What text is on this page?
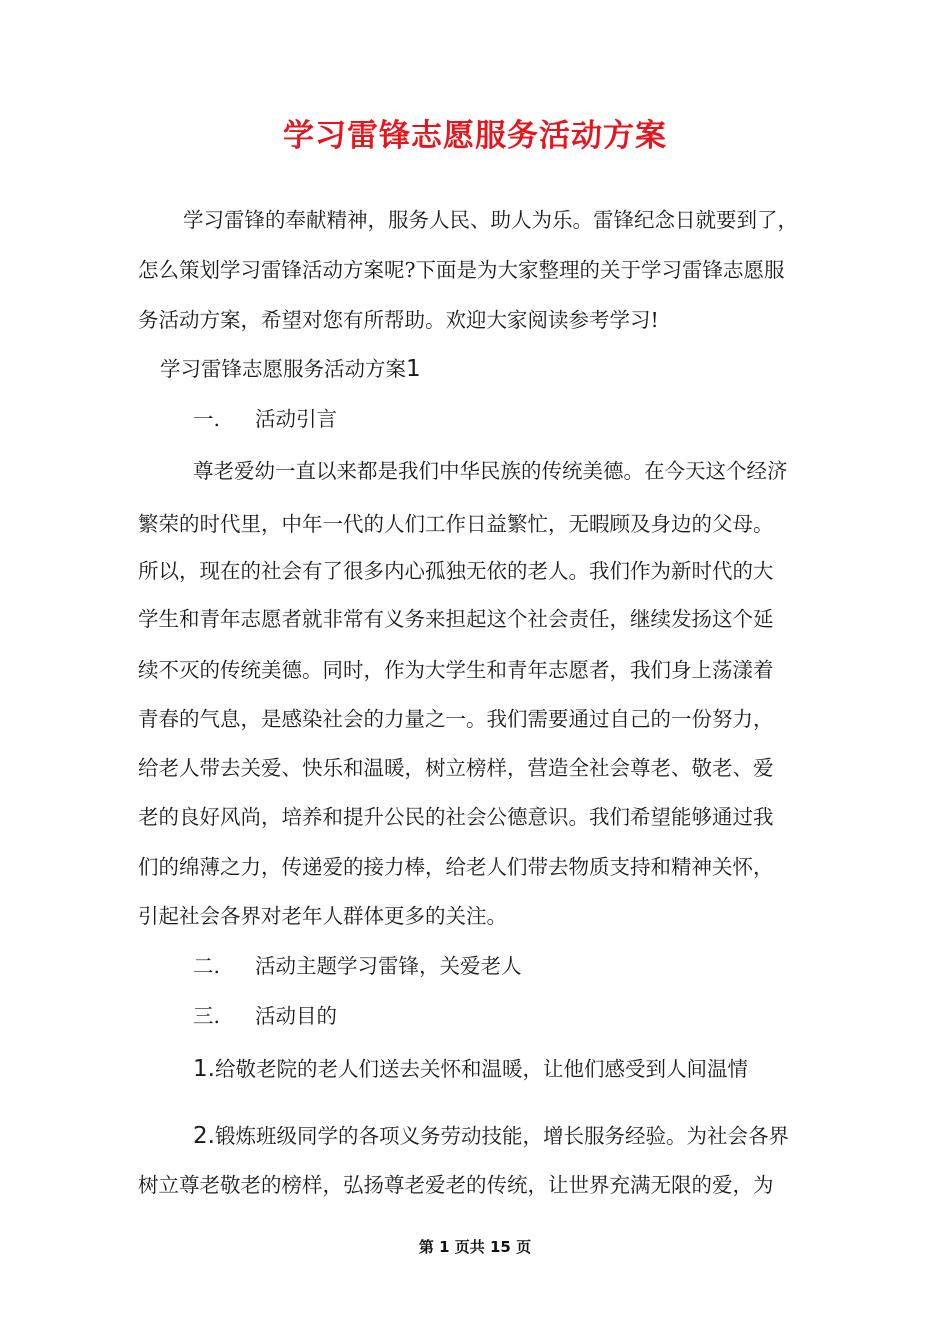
学习雷锋志愿服务活动方案

学习雷锋的奉献精神，服务人民、助人为乐。雷锋纪念日就要到了，

怎么策划学习雷锋活动方案呢?下面是为大家整理的关于学习雷锋志愿服

务活动方案，希望对您有所帮助。欢迎大家阅读参考学习!

学习雷锋志愿服务活动方案1

一. 活动引言

尊老爱幼一直以来都是我们中华民族的传统美德。在今天这个经济

繁荣的时代里，中年一代的人们工作日益繁忙，无暇顾及身边的父母。

所以，现在的社会有了很多内心孤独无依的老人。我们作为新时代的大

学生和青年志愿者就非常有义务来担起这个社会责任，继续发扬这个延

续不灭的传统美德。同时，作为大学生和青年志愿者，我们身上荡漾着

青春的气息，是感染社会的力量之一。我们需要通过自己的一份努力，

给老人带去关爱、快乐和温暖，树立榜样，营造全社会尊老、敬老、爱

老的良好风尚，培养和提升公民的社会公德意识。我们希望能够通过我

们的绵薄之力，传递爱的接力棒，给老人们带去物质支持和精神关怀，

引起社会各界对老年人群体更多的关注。

二. 活动主题学习雷锋，关爱老人

三. 活动目的

1.给敬老院的老人们送去关怀和温暖，让他们感受到人间温情

2.锻炼班级同学的各项义务劳动技能，增长服务经验。为社会各界

树立尊老敬老的榜样，弘扬尊老爱老的传统，让世界充满无限的爱，为

第 1 页共 15 页
